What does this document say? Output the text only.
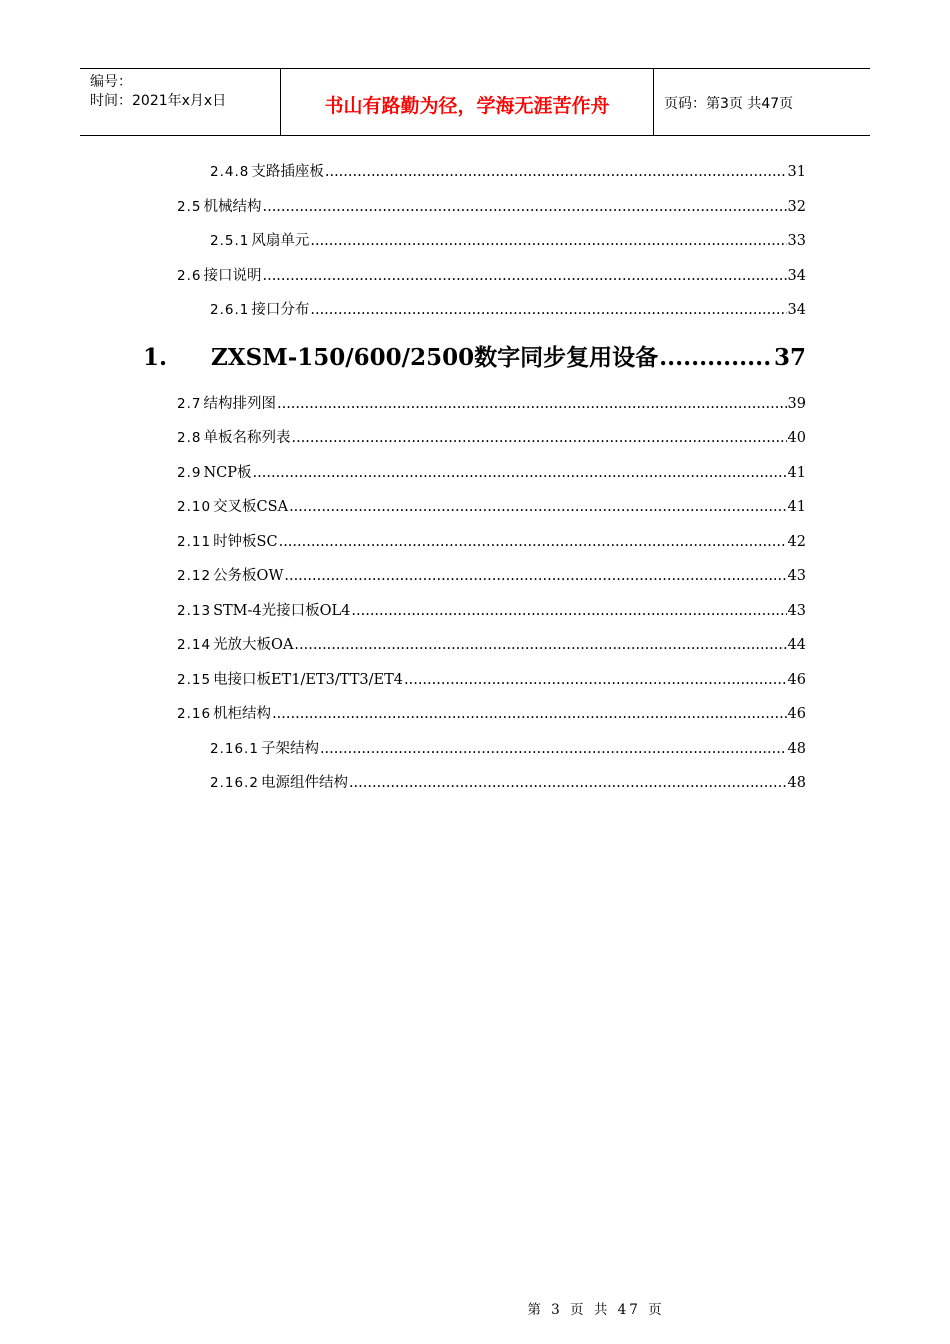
编号：
时间：2021年x月x日	书山有路勤为径，学海无涯苦作舟	页码：第3页 共47页
2.4.8 支路插座板 .....	31
2.5 机械结构 .....	32
2.5.1 风扇单元 .....	33
2.6 接口说明 .....	34
2.6.1 接口分布 .....	34
1. ZXSM-150/600/2500数字同步复用设备 .....	37
2.7 结构排列图 .....	39
2.8 单板名称列表 .....	40
2.9 NCP板 .....	41
2.10 交叉板CSA .....	41
2.11 时钟板SC .....	42
2.12 公务板OW .....	43
2.13 STM-4光接口板OL4 .....	43
2.14 光放大板OA .....	44
2.15 电接口板ET1/ET3/TT3/ET4 .....	46
2.16 机柜结构 .....	46
2.16.1 子架结构 .....	48
2.16.2 电源组件结构 .....	48
第 3 页 共 47 页
